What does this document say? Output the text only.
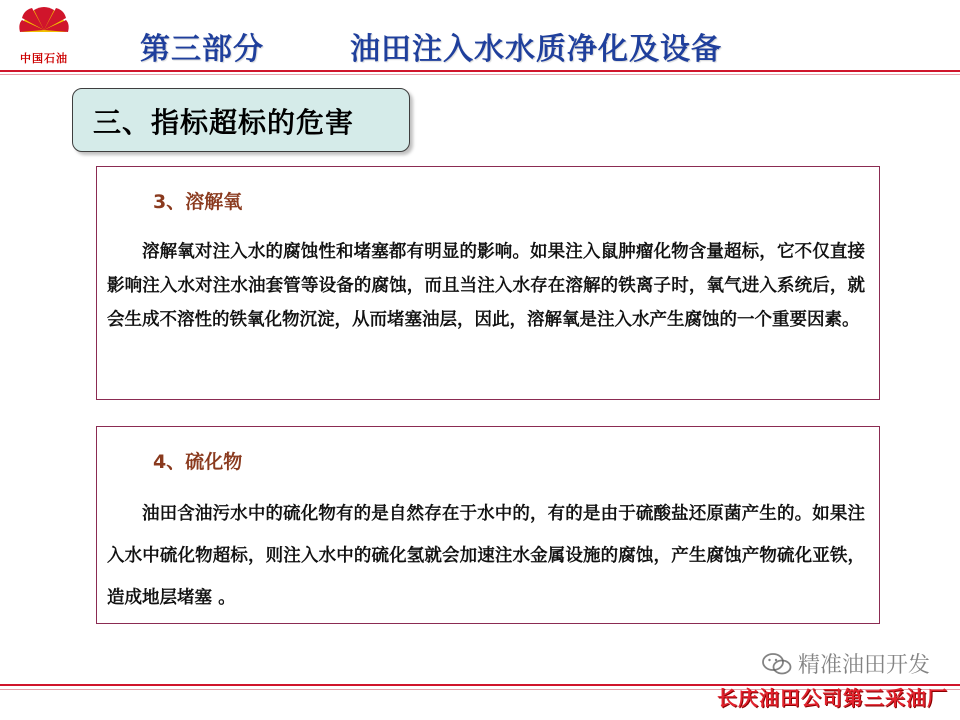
中国石油	第三部分	油田注入水水质净化及设备
三、指标超标的危害
3、溶解氧
溶解氧对注入水的腐蚀性和堵塞都有明显的影响。如果注入鼠肿瘤化物含量超标，它不仅直接影响注入水对注水油套管等设备的腐蚀，而且当注入水存在溶解的铁离子时，氧气进入系统后，就会生成不溶性的铁氧化物沉淀，从而堵塞油层，因此，溶解氧是注入水产生腐蚀的一个重要因素。
4、硫化物
油田含油污水中的硫化物有的是自然存在于水中的，有的是由于硫酸盐还原菌产生的。如果注入水中硫化物超标，则注入水中的硫化氢就会加速注水金属设施的腐蚀，产生腐蚀产物硫化亚铁，造成地层堵塞 。
精准油田开发
长庆油田公司第三采油厂
